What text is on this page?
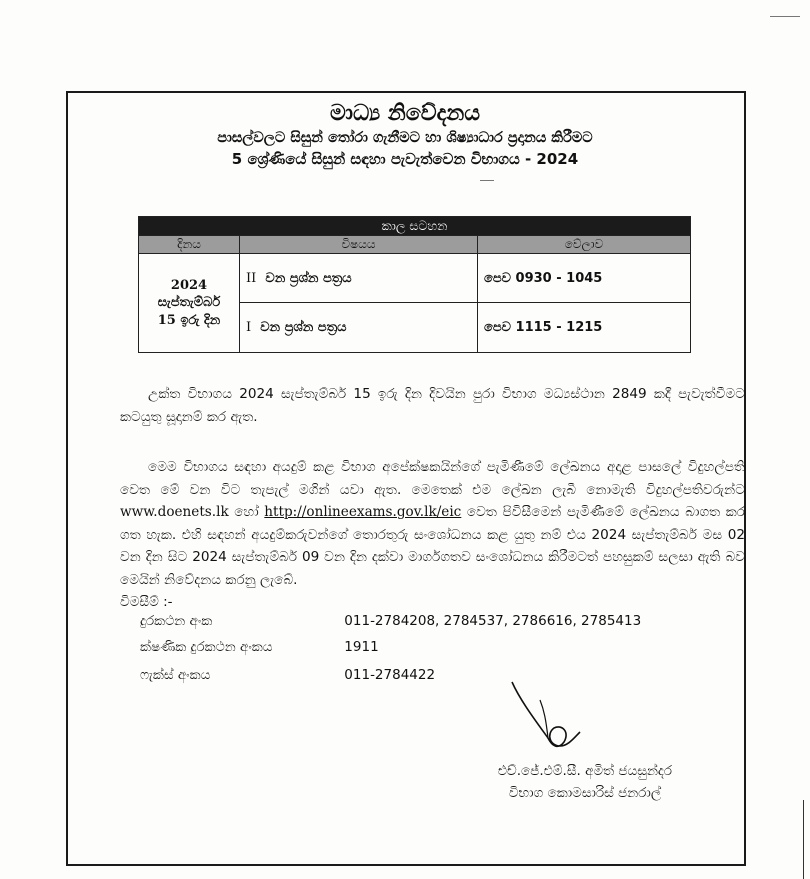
මාධ්‍ය නිවේදනය
පාසල්වලට සිසුන් තෝරා ගැනීමට හා ශිෂ්‍යාධාර ප්‍රදානය කිරීමට
5 ශ්‍රේණියේ සිසුන් සඳහා පැවැත්වෙන විභාගය - 2024
කාල සටහන		
දිනය	විෂයය	වේලාව

2024
සැප්තැම්බර්
15 ඉරු දින	II වන ප්‍රශ්න පත්‍රය	පෙව 0930 - 1045
	I වන ප්‍රශ්න පත්‍රය	පෙව 1115 - 1215

උක්ත විභාගය 2024 සැප්තැම්බර් 15 ඉරු දින දිවයින පුරා විභාග මධ්‍යස්ථාන 2849 කදී පැවැත්වීමට කටයුතු සූදානම් කර ඇත.

මෙම විභාගය සඳහා අයදුම් කළ විභාග අපේක්ෂකයින්ගේ පැමිණීමේ ලේඛනය අදාළ පාසලේ විදුහල්පති වෙත මේ වන විට තැපැල් මගින් යවා ඇත. මෙතෙක් එම ලේඛන ලැබී නොමැති විදුහල්පතිවරුන්ට www.doenets.lk හෝ http://onlineexams.gov.lk/eic වෙත පිවිසීමෙන් පැමිණීමේ ලේඛනය බාගත කර ගත හැක. එහි සඳහන් අයදුම්කරුවන්ගේ තොරතුරු සංශෝධනය කළ යුතු නම් එය 2024 සැප්තැම්බර් මස 02 වන දින සිට 2024 සැප්තැම්බර් 09 වන දින දක්වා මාර්ගගතව සංශෝධනය කිරීමටත් පහසුකම් සලසා ඇති බව මෙයින් නිවේදනය කරනු ලැබේ.

විමසීම් :-
දුරකථන අංක	011-2784208, 2784537, 2786616, 2785413
ක්ෂණික දුරකථන අංකය	1911
ෆැක්ස් අංකය	011-2784422
එච්.ජේ.එම්.සී. අමිත් ජයසුන්දර
විභාග කොමසාරිස් ජනරාල්
